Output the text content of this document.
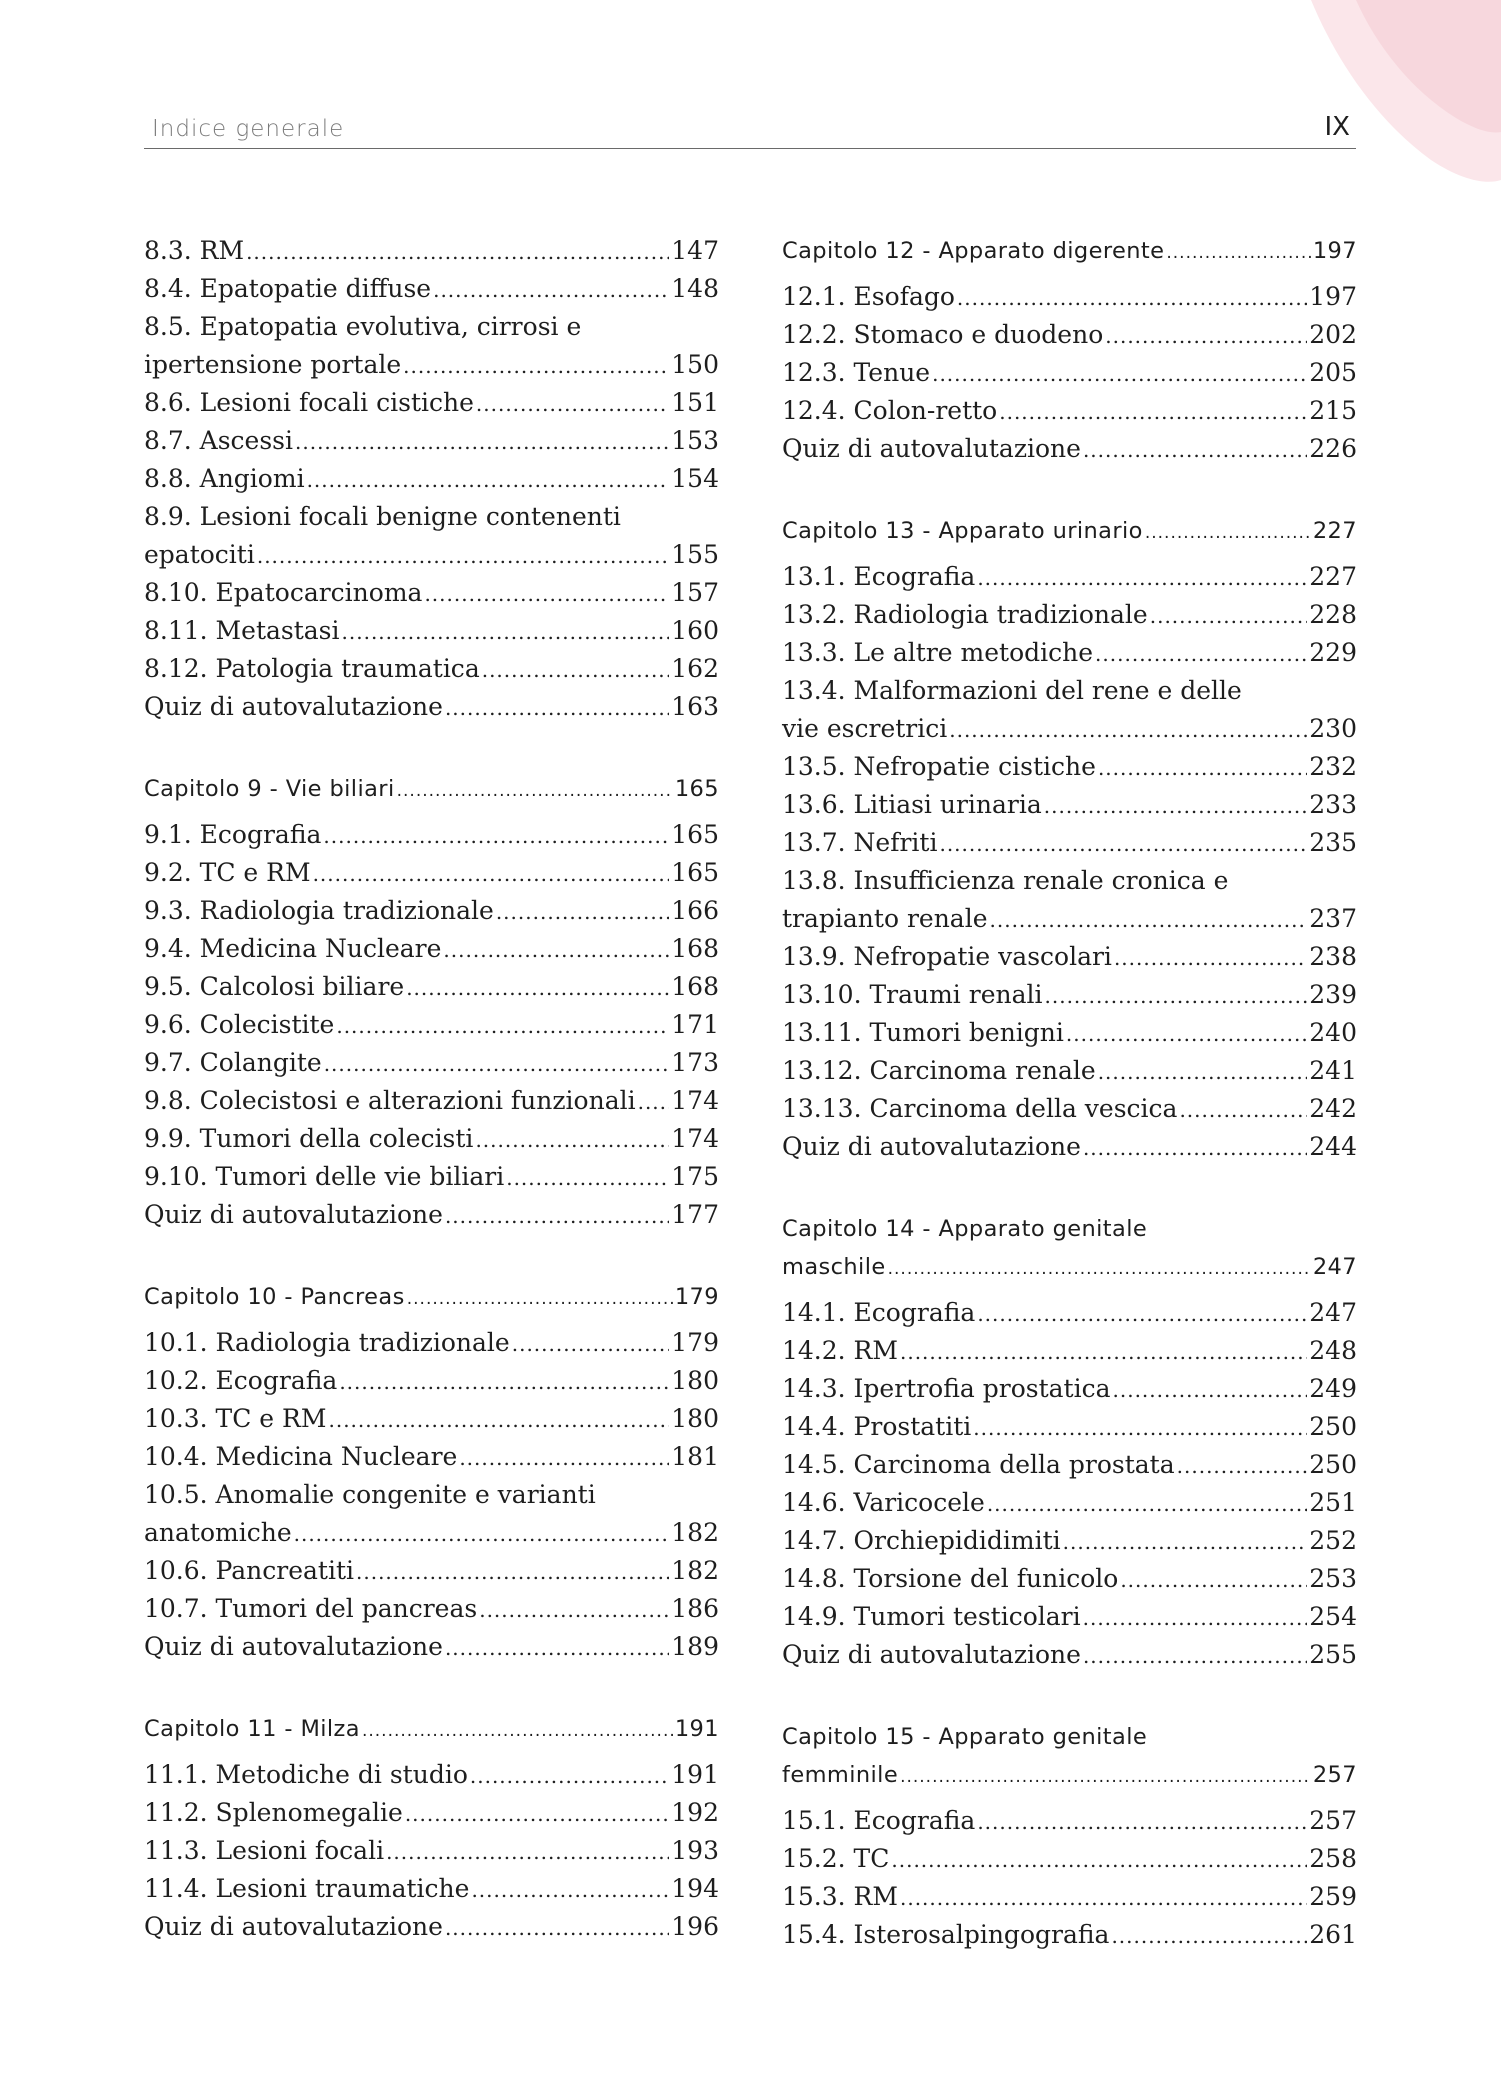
Indice generale	IX
8.3. RM .....	147
8.4. Epatopatie diffuse .....	148
8.5. Epatopatia evolutiva, cirrosi e
ipertensione portale .....	150
8.6. Lesioni focali cistiche .....	151
8.7. Ascessi .....	153
8.8. Angiomi .....	154
8.9. Lesioni focali benigne contenenti
epatociti .....	155
8.10. Epatocarcinoma .....	157
8.11. Metastasi .....	160
8.12. Patologia traumatica .....	162
Quiz di autovalutazione .....	163
Capitolo 9 - Vie biliari .....	165
9.1. Ecografia .....	165
9.2. TC e RM .....	165
9.3. Radiologia tradizionale .....	166
9.4. Medicina Nucleare .....	168
9.5. Calcolosi biliare .....	168
9.6. Colecistite .....	171
9.7. Colangite .....	173
9.8. Colecistosi e alterazioni funzionali ..... 174
9.9. Tumori della colecisti .....	174
9.10. Tumori delle vie biliari .....	175
Quiz di autovalutazione .....	177
Capitolo 10 - Pancreas .....	179
10.1. Radiologia tradizionale .....	179
10.2. Ecografia .....	180
10.3. TC e RM .....	180
10.4. Medicina Nucleare .....	181
10.5. Anomalie congenite e varianti
anatomiche .....	182
10.6. Pancreatiti .....	182
10.7. Tumori del pancreas .....	186
Quiz di autovalutazione .....	189
Capitolo 11 - Milza .....	191
11.1. Metodiche di studio .....	191
11.2. Splenomegalie .....	192
11.3. Lesioni focali .....	193
11.4. Lesioni traumatiche .....	194
Quiz di autovalutazione .....	196
Capitolo 12 - Apparato digerente .....	197
12.1. Esofago .....	197
12.2. Stomaco e duodeno .....	202
12.3. Tenue .....	205
12.4. Colon-retto .....	215
Quiz di autovalutazione .....	226
Capitolo 13 - Apparato urinario .....	227
13.1. Ecografia .....	227
13.2. Radiologia tradizionale .....	228
13.3. Le altre metodiche .....	229
13.4. Malformazioni del rene e delle
vie escretrici .....	230
13.5. Nefropatie cistiche .....	232
13.6. Litiasi urinaria .....	233
13.7. Nefriti .....	235
13.8. Insufficienza renale cronica e
trapianto renale .....	237
13.9. Nefropatie vascolari .....	238
13.10. Traumi renali .....	239
13.11. Tumori benigni .....	240
13.12. Carcinoma renale .....	241
13.13. Carcinoma della vescica .....	242
Quiz di autovalutazione .....	244
Capitolo 14 - Apparato genitale
maschile .....	247
14.1. Ecografia .....	247
14.2. RM .....	248
14.3. Ipertrofia prostatica .....	249
14.4. Prostatiti .....	250
14.5. Carcinoma della prostata .....	250
14.6. Varicocele .....	251
14.7. Orchiepididimiti .....	252
14.8. Torsione del funicolo .....	253
14.9. Tumori testicolari .....	254
Quiz di autovalutazione .....	255
Capitolo 15 - Apparato genitale
femminile .....	257
15.1. Ecografia .....	257
15.2. TC .....	258
15.3. RM .....	259
15.4. Isterosalpingografia .....	261
